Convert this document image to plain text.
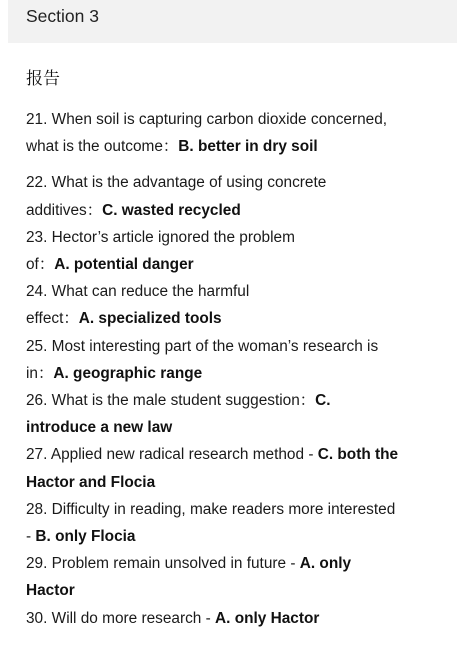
Section 3
报告
21. When soil is capturing carbon dioxide concerned,
what is the outcome：B. better in dry soil
22. What is the advantage of using concrete
additives：C. wasted recycled
23. Hector’s article ignored the problem
of：A. potential danger
24. What can reduce the harmful
effect：A. specialized tools
25. Most interesting part of the woman’s research is
in：A. geographic range
26. What is the male student suggestion：C.
introduce a new law
27. Applied new radical research method - C. both the
Hactor and Flocia
28. Difficulty in reading, make readers more interested
- B. only Flocia
29. Problem remain unsolved in future - A. only
Hactor
30. Will do more research - A. only Hactor
